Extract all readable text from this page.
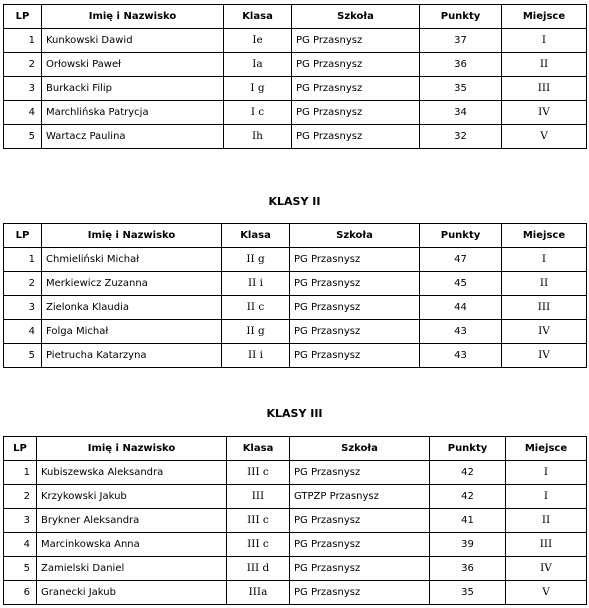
LP	Imię i Nazwisko	Klasa	Szkoła	Punkty	Miejsce
1	Kunkowski Dawid	Ie	PG Przasnysz	37	I
2	Orłowski Paweł	Ia	PG Przasnysz	36	II
3	Burkacki Filip	I g	PG Przasnysz	35	III
4	Marchlińska Patrycja	I c	PG Przasnysz	34	IV
5	Wartacz Paulina	Ih	PG Przasnysz	32	V
KLASY II
LP	Imię i Nazwisko	Klasa	Szkoła	Punkty	Miejsce
1	Chmieliński Michał	II g	PG Przasnysz	47	I
2	Merkiewicz Zuzanna	II i	PG Przasnysz	45	II
3	Zielonka Klaudia	II c	PG Przasnysz	44	III
4	Folga Michał	II g	PG Przasnysz	43	IV
5	Pietrucha Katarzyna	II i	PG Przasnysz	43	IV
KLASY III
LP	Imię i Nazwisko	Klasa	Szkoła	Punkty	Miejsce
1	Kubiszewska Aleksandra	III c	PG Przasnysz	42	I
2	Krzykowski Jakub	III	GTPZP Przasnysz	42	I
3	Brykner Aleksandra	III c	PG Przasnysz	41	II
4	Marcinkowska Anna	III c	PG Przasnysz	39	III
5	Zamielski Daniel	III d	PG Przasnysz	36	IV
6	Granecki Jakub	IIIa	PG Przasnysz	35	V
